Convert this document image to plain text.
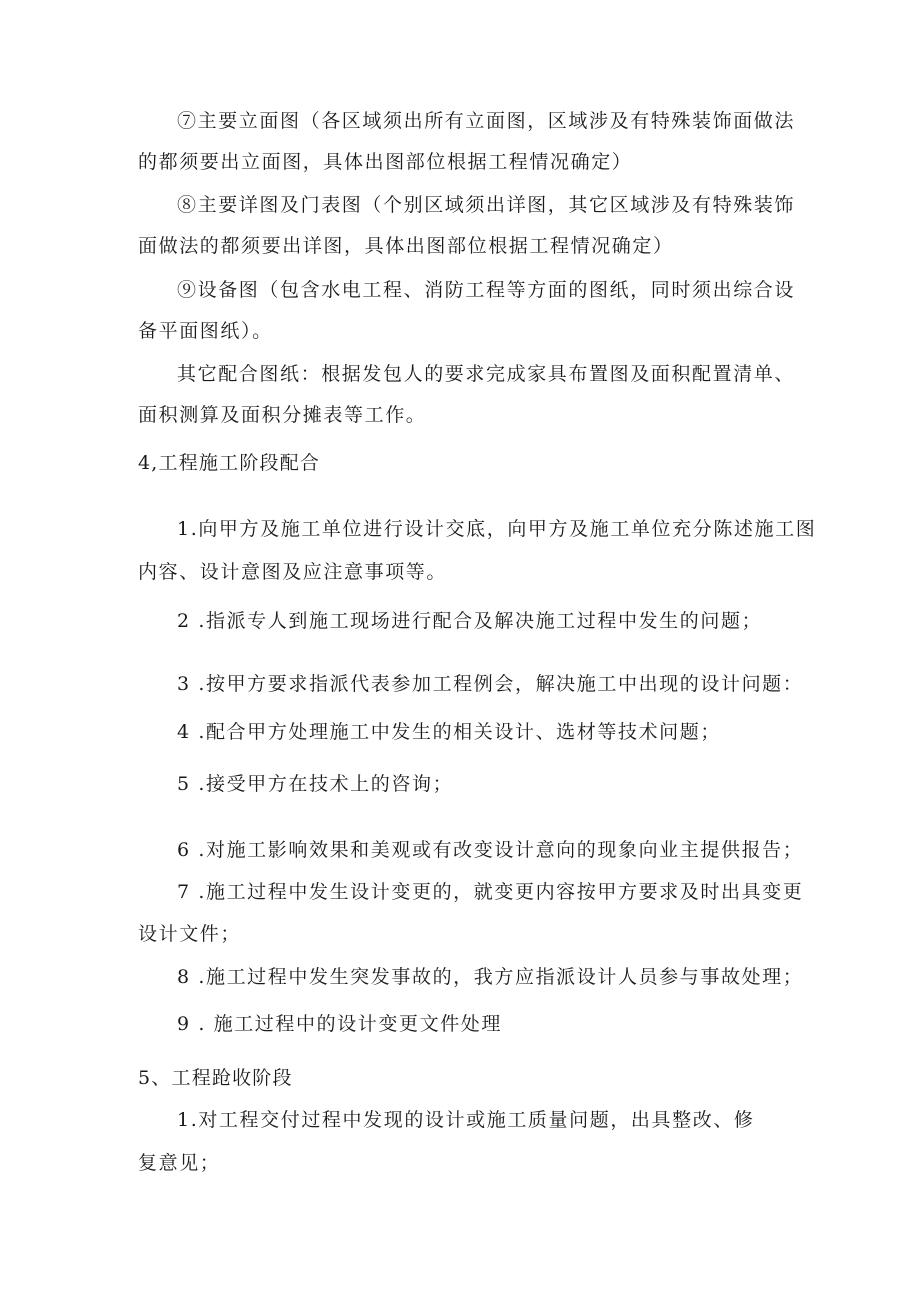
⑦主要立面图（各区域须出所有立面图，区域涉及有特殊装饰面做法
的都须要出立面图，具体出图部位根据工程情况确定）
⑧主要详图及门表图（个别区域须出详图，其它区域涉及有特殊装饰
面做法的都须要出详图，具体出图部位根据工程情况确定）
⑨设备图（包含水电工程、消防工程等方面的图纸，同时须出综合设
备平面图纸）。
其它配合图纸：根据发包人的要求完成家具布置图及面积配置清单、
面积测算及面积分摊表等工作。
4,工程施工阶段配合
1.向甲方及施工单位进行设计交底，向甲方及施工单位充分陈述施工图
内容、设计意图及应注意事项等。
2 .指派专人到施工现场进行配合及解决施工过程中发生的问题；
3 .按甲方要求指派代表参加工程例会，解决施工中出现的设计问题：
4 .配合甲方处理施工中发生的相关设计、选材等技术问题；
5 .接受甲方在技术上的咨询；
6 .对施工影响效果和美观或有改变设计意向的现象向业主提供报告；
7 .施工过程中发生设计变更的，就变更内容按甲方要求及时出具变更
设计文件；
8 .施工过程中发生突发事故的，我方应指派设计人员参与事故处理；
9 . 施工过程中的设计变更文件处理
5、工程跄收阶段
1.对工程交付过程中发现的设计或施工质量问题，出具整改、修
复意见；
